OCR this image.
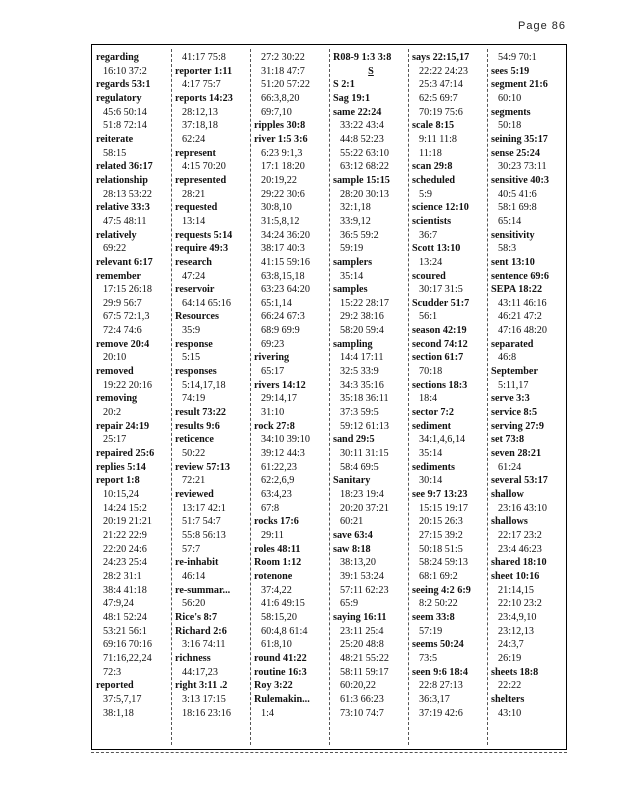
Page 86
regarding
16:10 37:2
regards 53:1
regulatory
45:6 50:14
51:8 72:14
reiterate
58:15
related 36:17
relationship
28:13 53:22
relative 33:3
47:5 48:11
relatively
69:22
relevant 6:17
remember
17:15 26:18
29:9 56:7
67:5 72:1,3
72:4 74:6
remove 20:4
20:10
removed
19:22 20:16
removing
20:2
repair 24:19
25:17
repaired 25:6
replies 5:14
report 1:8
10:15,24
14:24 15:2
20:19 21:21
21:22 22:9
22:20 24:6
24:23 25:4
28:2 31:1
38:4 41:18
47:9,24
48:1 52:24
53:21 56:1
69:16 70:16
71:16,22,24
72:3
reported
37:5,7,17
38:1,18
41:17 75:8
reporter 1:11
4:17 75:7
reports 14:23
28:12,13
37:18,18
62:24
represent
4:15 70:20
represented
28:21
requested
13:14
requests 5:14
require 49:3
research
47:24
reservoir
64:14 65:16
Resources
35:9
response
5:15
responses
5:14,17,18
74:19
result 73:22
results 9:6
reticence
50:22
review 57:13
72:21
reviewed
13:17 42:1
51:7 54:7
55:8 56:13
57:7
re-inhabit
46:14
re-summar...
56:20
Rice's 8:7
Richard 2:6
3:16 74:11
richness
44:17,23
right 3:11 .2
3:13 17:15
18:16 23:16
27:2 30:22
31:18 47:7
51:20 57:22
66:3,8,20
69:7,10
ripples 30:8
river 1:5 3:6
6:23 9:1,3
17:1 18:20
20:19,22
29:22 30:6
30:8,10
31:5,8,12
34:24 36:20
38:17 40:3
41:15 59:16
63:8,15,18
63:23 64:20
65:1,14
66:24 67:3
68:9 69:9
69:23
rivering
65:17
rivers 14:12
29:14,17
31:10
rock 27:8
34:10 39:10
39:12 44:3
61:22,23
62:2,6,9
63:4,23
67:8
rocks 17:6
29:11
roles 48:11
Room 1:12
rotenone
37:4,22
41:6 49:15
58:15,20
60:4,8 61:4
61:8,10
round 41:22
routine 16:3
Roy 3:22
Rulemakin...
1:4
R08-9 1:3 3:8
S
S 2:1
Sag 19:1
same 22:24
33:22 43:4
44:8 52:23
55:22 63:10
63:12 68:22
sample 15:15
28:20 30:13
32:1,18
33:9,12
36:5 59:2
59:19
samplers
35:14
samples
15:22 28:17
29:2 38:16
58:20 59:4
sampling
14:4 17:11
32:5 33:9
34:3 35:16
35:18 36:11
37:3 59:5
59:12 61:13
sand 29:5
30:11 31:15
58:4 69:5
Sanitary
18:23 19:4
20:20 37:21
60:21
save 63:4
saw 8:18
38:13,20
39:1 53:24
57:11 62:23
65:9
saying 16:11
23:11 25:4
25:20 48:8
48:21 55:22
58:11 59:17
60:20,22
61:3 66:23
73:10 74:7
says 22:15,17
22:22 24:23
25:3 47:14
62:5 69:7
70:19 75:6
scale 8:15
9:11 11:8
11:18
scan 29:8
scheduled
5:9
science 12:10
scientists
36:7
Scott 13:10
13:24
scoured
30:17 31:5
Scudder 51:7
56:1
season 42:19
second 74:12
section 61:7
70:18
sections 18:3
18:4
sector 7:2
sediment
34:1,4,6,14
35:14
sediments
30:14
see 9:7 13:23
15:15 19:17
20:15 26:3
27:15 39:2
50:18 51:5
58:24 59:13
68:1 69:2
seeing 4:2 6:9
8:2 50:22
seem 33:8
57:19
seems 50:24
73:5
seen 9:6 18:4
22:8 27:13
36:3,17
37:19 42:6
54:9 70:1
sees 5:19
segment 21:6
60:10
segments
50:18
seining 35:17
sense 25:24
30:23 73:11
sensitive 40:3
40:5 41:6
58:1 69:8
65:14
sensitivity
58:3
sent 13:10
sentence 69:6
SEPA 18:22
43:11 46:16
46:21 47:2
47:16 48:20
separated
46:8
September
5:11,17
serve 3:3
service 8:5
serving 27:9
set 73:8
seven 28:21
61:24
several 53:17
shallow
23:16 43:10
shallows
22:17 23:2
23:4 46:23
shared 18:10
sheet 10:16
21:14,15
22:10 23:2
23:4,9,10
23:12,13
24:3,7
26:19
sheets 18:8
22:22
shelters
43:10
